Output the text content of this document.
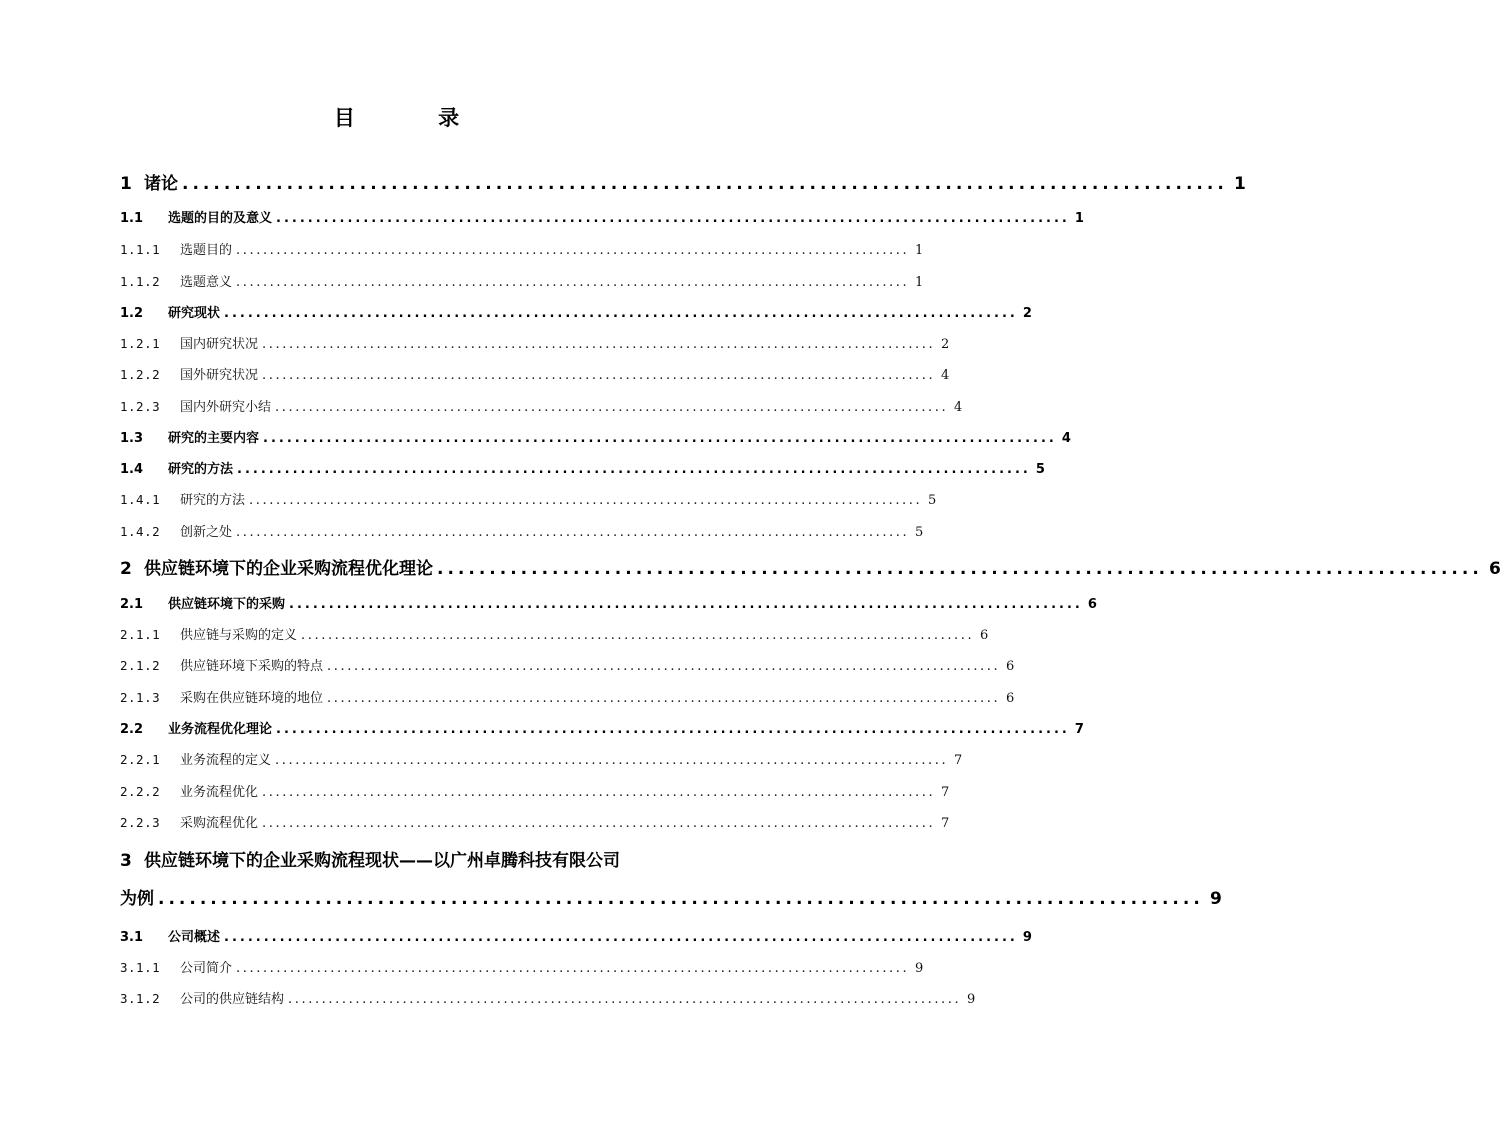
目 录
1 诸论 .................................................................................................... 1
1.1	选题的目的及意义 .................................................................................................... 1
1.1.1	选题目的 .................................................................................................... 1
1.1.2	选题意义 .................................................................................................... 1
1.2	研究现状 .................................................................................................... 2
1.2.1	国内研究状况 .................................................................................................... 2
1.2.2	国外研究状况 .................................................................................................... 4
1.2.3	国内外研究小结 .................................................................................................... 4
1.3	研究的主要内容 .................................................................................................... 4
1.4	研究的方法 .................................................................................................... 5
1.4.1	研究的方法 .................................................................................................... 5
1.4.2	创新之处 .................................................................................................... 5
2 供应链环境下的企业采购流程优化理论 .................................................................................................... 6
2.1	供应链环境下的采购 .................................................................................................... 6
2.1.1	供应链与采购的定义 .................................................................................................... 6
2.1.2	供应链环境下采购的特点 .................................................................................................... 6
2.1.3	采购在供应链环境的地位 .................................................................................................... 6
2.2	业务流程优化理论 .................................................................................................... 7
2.2.1	业务流程的定义 .................................................................................................... 7
2.2.2	业务流程优化 .................................................................................................... 7
2.2.3	采购流程优化 .................................................................................................... 7
3 供应链环境下的企业采购流程现状——以广州卓腾科技有限公司
为例 .................................................................................................... 9
3.1	公司概述 .................................................................................................... 9
3.1.1	公司简介 .................................................................................................... 9
3.1.2	公司的供应链结构 .................................................................................................... 9
